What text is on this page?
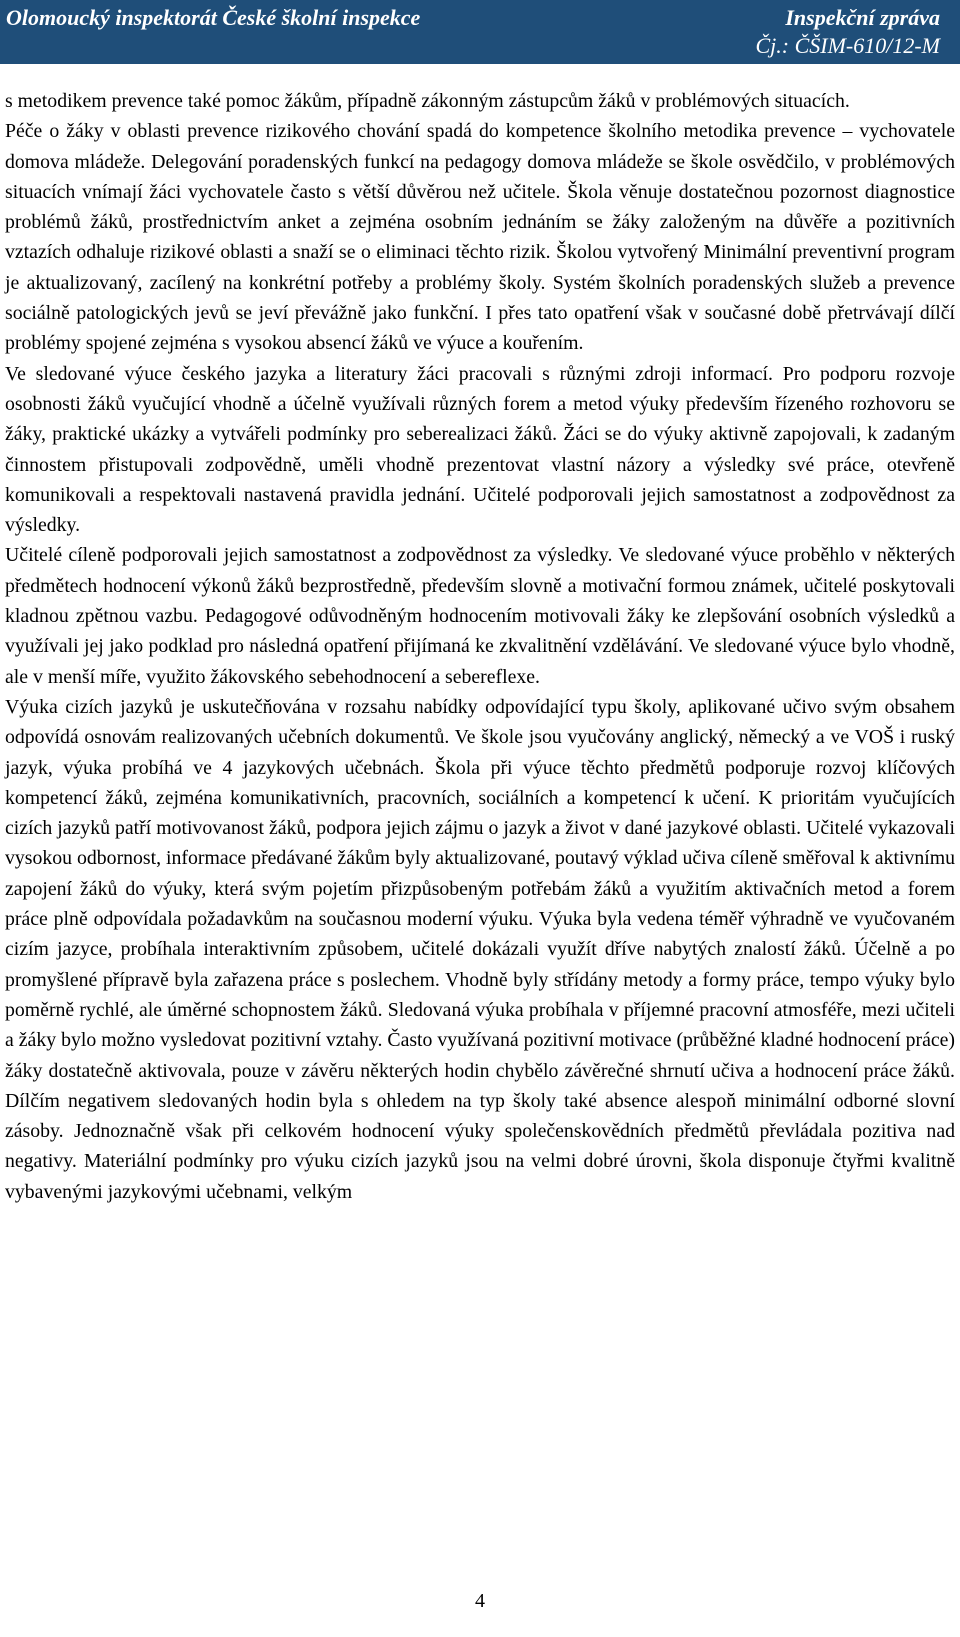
Olomoucký inspektorát České školní inspekce	Inspekční zpráva
Čj.: ČŠIM-610/12-M

s metodikem prevence také pomoc žákům, případně zákonným zástupcům žáků v problémových situacích.

Péče o žáky v oblasti prevence rizikového chování spadá do kompetence školního metodika prevence – vychovatele domova mládeže. Delegování poradenských funkcí na pedagogy domova mládeže se škole osvědčilo, v problémových situacích vnímají žáci vychovatele často s větší důvěrou než učitele. Škola věnuje dostatečnou pozornost diagnostice problémů žáků, prostřednictvím anket a zejména osobním jednáním se žáky založeným na důvěře a pozitivních vztazích odhaluje rizikové oblasti a snaží se o eliminaci těchto rizik. Školou vytvořený Minimální preventivní program je aktualizovaný, zacílený na konkrétní potřeby a problémy školy. Systém školních poradenských služeb a prevence sociálně patologických jevů se jeví převážně jako funkční. I přes tato opatření však v současné době přetrvávají dílčí problémy spojené zejména s vysokou absencí žáků ve výuce a kouřením.

Ve sledované výuce českého jazyka a literatury žáci pracovali s různými zdroji informací. Pro podporu rozvoje osobnosti žáků vyučující vhodně a účelně využívali různých forem a metod výuky především řízeného rozhovoru se žáky, praktické ukázky a vytvářeli podmínky pro seberealizaci žáků. Žáci se do výuky aktivně zapojovali, k zadaným činnostem přistupovali zodpovědně, uměli vhodně prezentovat vlastní názory a výsledky své práce, otevřeně komunikovali a respektovali nastavená pravidla jednání. Učitelé podporovali jejich samostatnost a zodpovědnost za výsledky.

Učitelé cíleně podporovali jejich samostatnost a zodpovědnost za výsledky. Ve sledované výuce proběhlo v některých předmětech hodnocení výkonů žáků bezprostředně, především slovně a motivační formou známek, učitelé poskytovali kladnou zpětnou vazbu. Pedagogové odůvodněným hodnocením motivovali žáky ke zlepšování osobních výsledků a využívali jej jako podklad pro následná opatření přijímaná ke zkvalitnění vzdělávání. Ve sledované výuce bylo vhodně, ale v menší míře, využito žákovského sebehodnocení a sebereflexe.

Výuka cizích jazyků je uskutečňována v rozsahu nabídky odpovídající typu školy, aplikované učivo svým obsahem odpovídá osnovám realizovaných učebních dokumentů. Ve škole jsou vyučovány anglický, německý a ve VOŠ i ruský jazyk, výuka probíhá ve 4 jazykových učebnách. Škola při výuce těchto předmětů podporuje rozvoj klíčových kompetencí žáků, zejména komunikativních, pracovních, sociálních a kompetencí k učení. K prioritám vyučujících cizích jazyků patří motivovanost žáků, podpora jejich zájmu o jazyk a život v dané jazykové oblasti. Učitelé vykazovali vysokou odbornost, informace předávané žákům byly aktualizované, poutavý výklad učiva cíleně směřoval k aktivnímu zapojení žáků do výuky, která svým pojetím přizpůsobeným potřebám žáků a využitím aktivačních metod a forem práce plně odpovídala požadavkům na současnou moderní výuku. Výuka byla vedena téměř výhradně ve vyučovaném cizím jazyce, probíhala interaktivním způsobem, učitelé dokázali využít dříve nabytých znalostí žáků. Účelně a po promyšlené přípravě byla zařazena práce s poslechem. Vhodně byly střídány metody a formy práce, tempo výuky bylo poměrně rychlé, ale úměrné schopnostem žáků. Sledovaná výuka probíhala v příjemné pracovní atmosféře, mezi učiteli a žáky bylo možno vysledovat pozitivní vztahy. Často využívaná pozitivní motivace (průběžné kladné hodnocení práce) žáky dostatečně aktivovala, pouze v závěru některých hodin chybělo závěrečné shrnutí učiva a hodnocení práce žáků. Dílčím negativem sledovaných hodin byla s ohledem na typ školy také absence alespoň minimální odborné slovní zásoby. Jednoznačně však při celkovém hodnocení výuky společenskovědních předmětů převládala pozitiva nad negativy. Materiální podmínky pro výuku cizích jazyků jsou na velmi dobré úrovni, škola disponuje čtyřmi kvalitně vybavenými jazykovými učebnami, velkým

4
